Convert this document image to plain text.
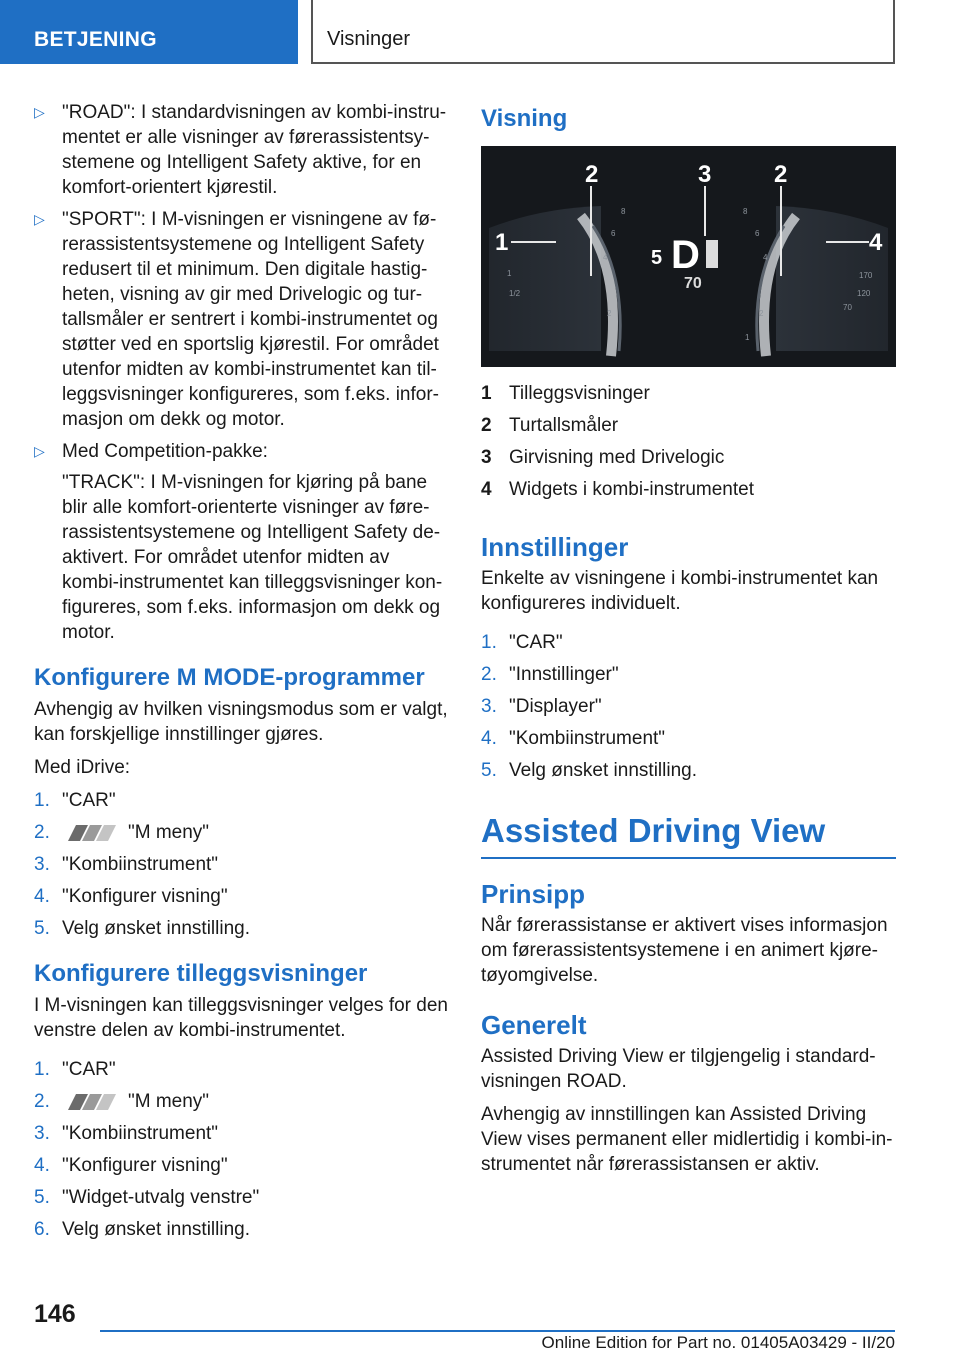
BETJENING	Visninger
▷ "ROAD": I standardvisningen av kombi-instru-mentet er alle visninger av førerassistentsy-stemene og Intelligent Safety aktive, for en komfort-orientert kjørestil.
▷ "SPORT": I M-visningen er visningene av fø-rerassistentsystemene og Intelligent Safety redusert til et minimum. Den digitale hastig-heten, visning av gir med Drivelogic og tur-tallsmåler er sentrert i kombi-instrumentet og støtter ved en sportslig kjørestil. For området utenfor midten av kombi-instrumentet kan til-leggsvisninger konfigureres, som f.eks. infor-masjon om dekk og motor.
▷ Med Competition-pakke:
"TRACK": I M-visningen for kjøring på bane blir alle komfort-orienterte visninger av føre-rassistentsystemene og Intelligent Safety de-aktivert. For området utenfor midten av kombi-instrumentet kan tilleggsvisninger kon-figureres, som f.eks. informasjon om dekk og motor.
Konfigurere M MODE-programmer
Avhengig av hvilken visningsmodus som er valgt, kan forskjellige innstillinger gjøres.
Med iDrive:
1. "CAR"
2.	"M meny"
3. "Kombiinstrument"
4. "Konfigurer visning"
5. Velg ønsket innstilling.
Konfigurere tilleggsvisninger
I M-visningen kan tilleggsvisninger velges for den venstre delen av kombi-instrumentet.
1. "CAR"
2.	"M meny"
3. "Kombiinstrument"
4. "Konfigurer visning"
5. "Widget-utvalg venstre"
6. Velg ønsket innstilling.
Visning
2	3	2
1	4
5 D
70
8
6
4
2
1
1/2
8
6
4
2
1
170
120
70
1 Tilleggsvisninger
2 Turtallsmåler
3 Girvisning med Drivelogic
4 Widgets i kombi-instrumentet
Innstillinger
Enkelte av visningene i kombi-instrumentet kan konfigureres individuelt.
1. "CAR"
2. "Innstillinger"
3. "Displayer"
4. "Kombiinstrument"
5. Velg ønsket innstilling.
Assisted Driving View
Prinsipp
Når førerassistanse er aktivert vises informasjon om førerassistentsystemene i en animert kjøre-tøyomgivelse.
Generelt
Assisted Driving View er tilgjengelig i standard-visningen ROAD.
Avhengig av innstillingen kan Assisted Driving View vises permanent eller midlertidig i kombi-in-strumentet når førerassistansen er aktiv.
146
Online Edition for Part no. 01405A03429 - II/20
